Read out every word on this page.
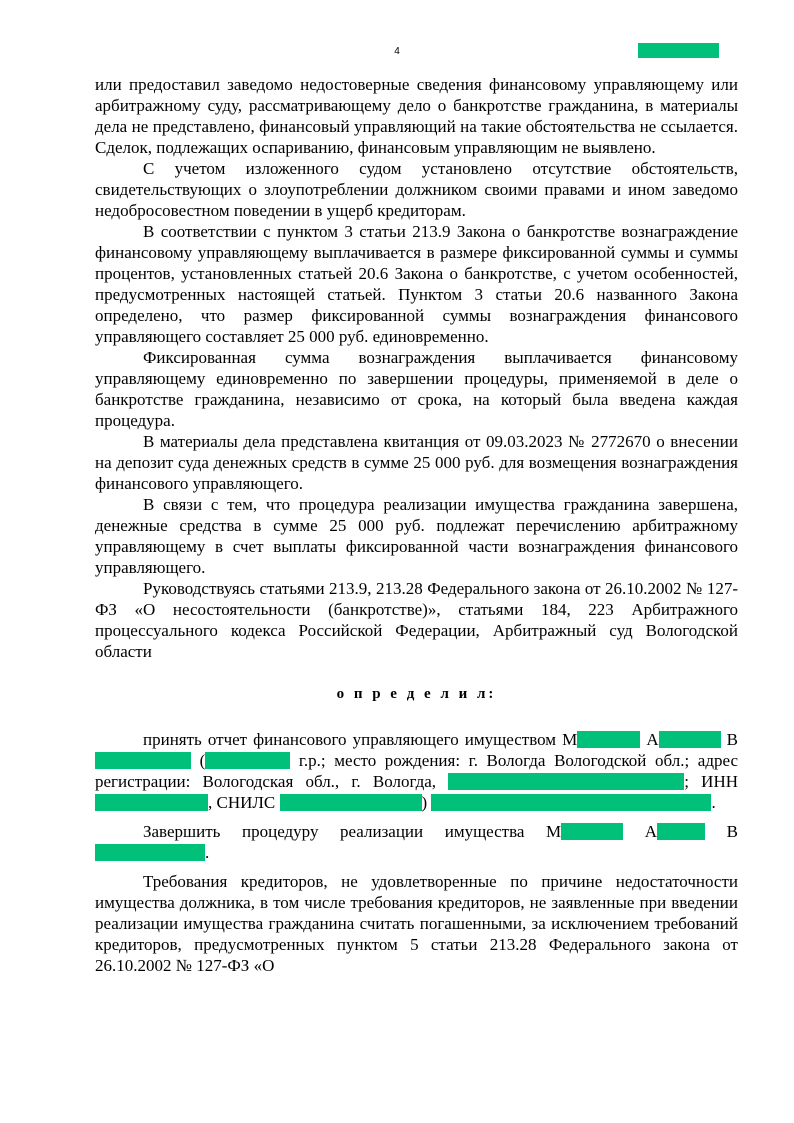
4

или предоставил заведомо недостоверные сведения финансовому управляющему или арбитражному суду, рассматривающему дело о банкротстве гражданина, в материалы дела не представлено, финансовый управляющий на такие обстоятельства не ссылается. Сделок, подлежащих оспариванию, финансовым управляющим не выявлено.

С учетом изложенного судом установлено отсутствие обстоятельств, свидетельствующих о злоупотреблении должником своими правами и ином заведомо недобросовестном поведении в ущерб кредиторам.

В соответствии с пунктом 3 статьи 213.9 Закона о банкротстве вознаграждение финансовому управляющему выплачивается в размере фиксированной суммы и суммы процентов, установленных статьей 20.6 Закона о банкротстве, с учетом особенностей, предусмотренных настоящей статьей. Пунктом 3 статьи 20.6 названного Закона определено, что размер фиксированной суммы вознаграждения финансового управляющего составляет 25 000 руб. единовременно.

Фиксированная сумма вознаграждения выплачивается финансовому управляющему единовременно по завершении процедуры, применяемой в деле о банкротстве гражданина, независимо от срока, на который была введена каждая процедура.

В материалы дела представлена квитанция от 09.03.2023 № 2772670 о внесении на депозит суда денежных средств в сумме 25 000 руб. для возмещения вознаграждения финансового управляющего.

В связи с тем, что процедура реализации имущества гражданина завершена, денежные средства в сумме 25 000 руб. подлежат перечислению арбитражному управляющему в счет выплаты фиксированной части вознаграждения финансового управляющего.

Руководствуясь статьями 213.9, 213.28 Федерального закона от 26.10.2002 № 127-ФЗ «О несостоятельности (банкротстве)», статьями 184, 223 Арбитражного процессуального кодекса Российской Федерации, Арбитражный суд Вологодской области

о п р е д е л и л:

принять отчет финансового управляющего имуществом М	А	В (	г.р.; место рождения: г. Вологда Вологодской обл.; адрес регистрации: Вологодская обл., г. Вологда,	; ИНН , СНИЛС	)	.

Завершить процедуру реализации имущества М	А	В.

Требования кредиторов, не удовлетворенные по причине недостаточности имущества должника, в том числе требования кредиторов, не заявленные при введении реализации имущества гражданина считать погашенными, за исключением требований кредиторов, предусмотренных пунктом 5 статьи 213.28 Федерального закона от 26.10.2002 № 127-ФЗ «О
